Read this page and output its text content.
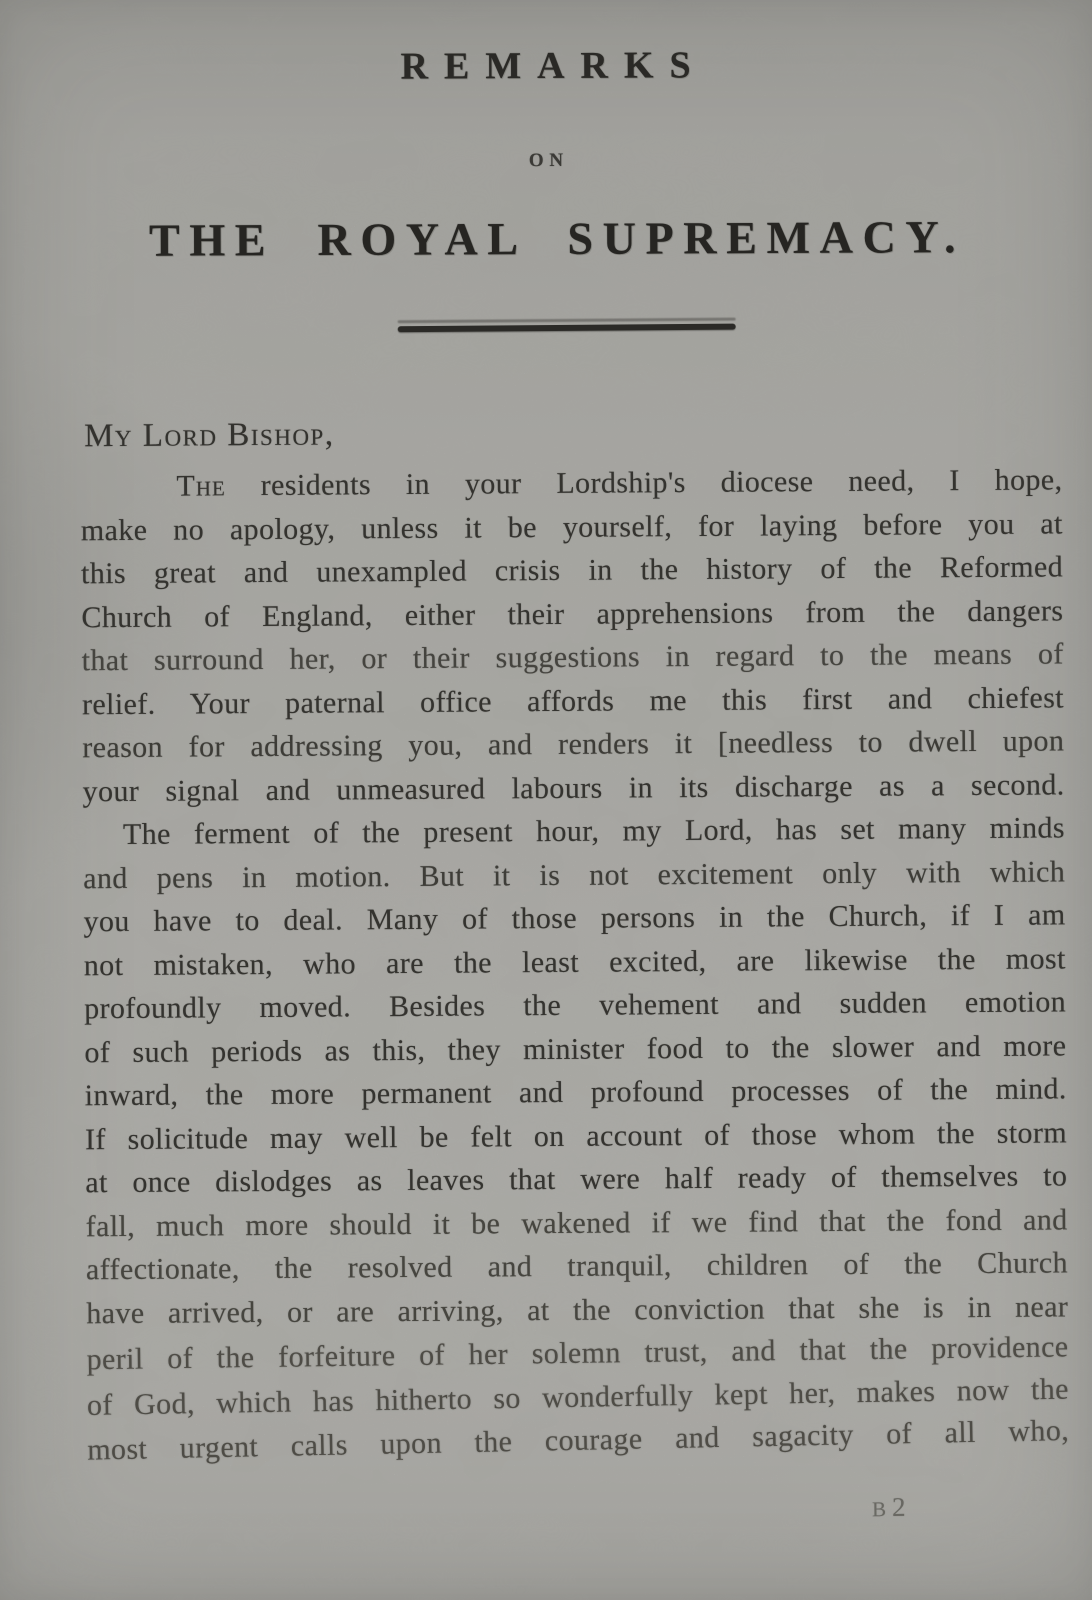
REMARKS
ON
THE ROYAL SUPREMACY.
My Lord Bishop,
The residents in your Lordship's diocese need, I hope,
make no apology, unless it be yourself, for laying before you at
this great and unexampled crisis in the history of the Reformed
Church of England, either their apprehensions from the dangers
that surround her, or their suggestions in regard to the means of
relief. Your paternal office affords me this first and chiefest
reason for addressing you, and renders it [needless to dwell upon
your signal and unmeasured labours in its discharge as a second.
The ferment of the present hour, my Lord, has set many minds
and pens in motion. But it is not excitement only with which
you have to deal. Many of those persons in the Church, if I am
not mistaken, who are the least excited, are likewise the most
profoundly moved. Besides the vehement and sudden emotion
of such periods as this, they minister food to the slower and more
inward, the more permanent and profound processes of the mind.
If solicitude may well be felt on account of those whom the storm
at once dislodges as leaves that were half ready of themselves to
fall, much more should it be wakened if we find that the fond and
affectionate, the resolved and tranquil, children of the Church
have arrived, or are arriving, at the conviction that she is in near
peril of the forfeiture of her solemn trust, and that the providence
of God, which has hitherto so wonderfully kept her, makes now the
most urgent calls upon the courage and sagacity of all who,
B2
